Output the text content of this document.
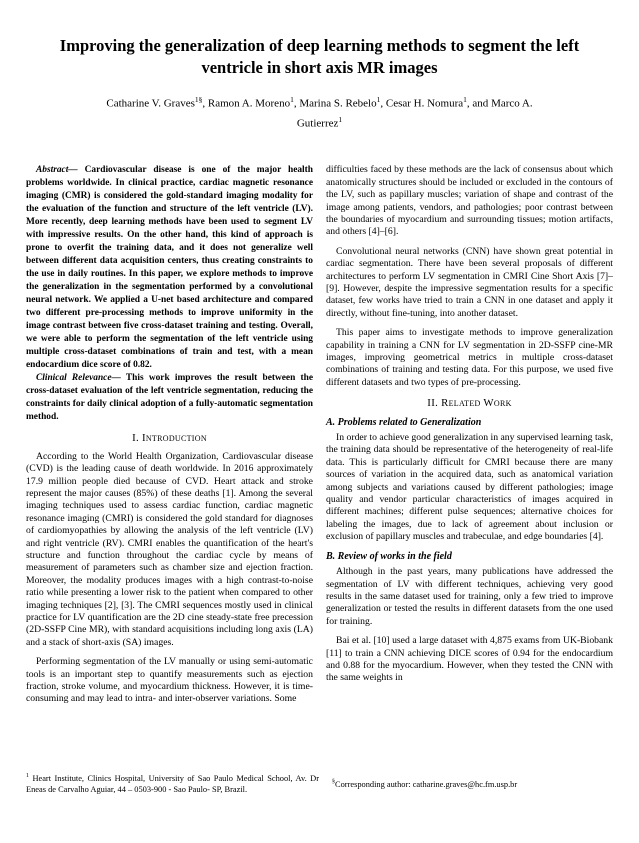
Improving the generalization of deep learning methods to segment the left ventricle in short axis MR images
Catharine V. Graves$^{1\S}$, Ramon A. Moreno$^1$, Marina S. Rebelo$^1$, Cesar H. Nomura$^1$, and Marco A. Gutierrez$^1$

Abstract— Cardiovascular disease is one of the major health problems worldwide. In clinical practice, cardiac magnetic resonance imaging (CMR) is considered the gold-standard imaging modality for the evaluation of the function and structure of the left ventricle (LV). More recently, deep learning methods have been used to segment LV with impressive results. On the other hand, this kind of approach is prone to overfit the training data, and it does not generalize well between different data acquisition centers, thus creating constraints to the use in daily routines. In this paper, we explore methods to improve the generalization in the segmentation performed by a convolutional neural network. We applied a U-net based architecture and compared two different pre-processing methods to improve uniformity in the image contrast between five cross-dataset training and testing. Overall, we were able to perform the segmentation of the left ventricle using multiple cross-dataset combinations of train and test, with a mean endocardium dice score of 0.82.

Clinical Relevance— This work improves the result between the cross-dataset evaluation of the left ventricle segmentation, reducing the constraints for daily clinical adoption of a fully-automatic segmentation method.

I. Introduction

According to the World Health Organization, Cardiovascular disease (CVD) is the leading cause of death worldwide. In 2016 approximately 17.9 million people died because of CVD. Heart attack and stroke represent the major causes (85%) of these deaths [1]. Among the several imaging techniques used to assess cardiac function, cardiac magnetic resonance imaging (CMRI) is considered the gold standard for diagnoses of cardiomyopathies by allowing the analysis of the left ventricle (LV) and right ventricle (RV). CMRI enables the quantification of the heart's structure and function throughout the cardiac cycle by means of measurement of parameters such as chamber size and ejection fraction. Moreover, the modality produces images with a high contrast-to-noise ratio while presenting a lower risk to the patient when compared to other imaging techniques [2], [3]. The CMRI sequences mostly used in clinical practice for LV quantification are the 2D cine steady-state free precession (2D-SSFP Cine MR), with standard acquisitions including long axis (LA) and a stack of short-axis (SA) images.

Performing segmentation of the LV manually or using semi-automatic tools is an important step to quantify measurements such as ejection fraction, stroke volume, and myocardium thickness. However, it is time-consuming and may lead to intra- and inter-observer variations. Some

difficulties faced by these methods are the lack of consensus about which anatomically structures should be included or excluded in the contours of the LV, such as papillary muscles; variation of shape and contrast of the image among patients, vendors, and pathologies; poor contrast between the boundaries of myocardium and surrounding tissues; motion artifacts, and others [4]–[6].

Convolutional neural networks (CNN) have shown great potential in cardiac segmentation. There have been several proposals of different architectures to perform LV segmentation in CMRI Cine Short Axis [7]–[9]. However, despite the impressive segmentation results for a specific dataset, few works have tried to train a CNN in one dataset and apply it directly, without fine-tuning, into another dataset.

This paper aims to investigate methods to improve generalization capability in training a CNN for LV segmentation in 2D-SSFP cine-MR images, improving geometrical metrics in multiple cross-dataset combinations of training and testing data. For this purpose, we used five different datasets and two types of pre-processing.

II. Related Work
A. Problems related to Generalization

In order to achieve good generalization in any supervised learning task, the training data should be representative of the heterogeneity of real-life data. This is particularly difficult for CMRI because there are many sources of variation in the acquired data, such as anatomical variation among subjects and variations caused by different pathologies; image quality and vendor particular characteristics of images acquired in different machines; different pulse sequences; alternative choices for labeling the images, due to lack of agreement about inclusion or exclusion of papillary muscles and trabeculae, and edge boundaries [4].

B. Review of works in the field

Although in the past years, many publications have addressed the segmentation of LV with different techniques, achieving very good results in the same dataset used for training, only a few tried to improve generalization or tested the results in different datasets from the one used for training.

Bai et al. [10] used a large dataset with 4,875 exams from UK-Biobank [11] to train a CNN achieving DICE scores of 0.94 for the endocardium and 0.88 for the myocardium. However, when they tested the CNN with the same weights in

$^1$ Heart Institute, Clinics Hospital, University of Sao Paulo Medical School, Av. Dr Eneas de Carvalho Aguiar, 44 – 0503-900 - Sao Paulo- SP, Brazil.
§Corresponding author: catharine.graves@hc.fm.usp.br
